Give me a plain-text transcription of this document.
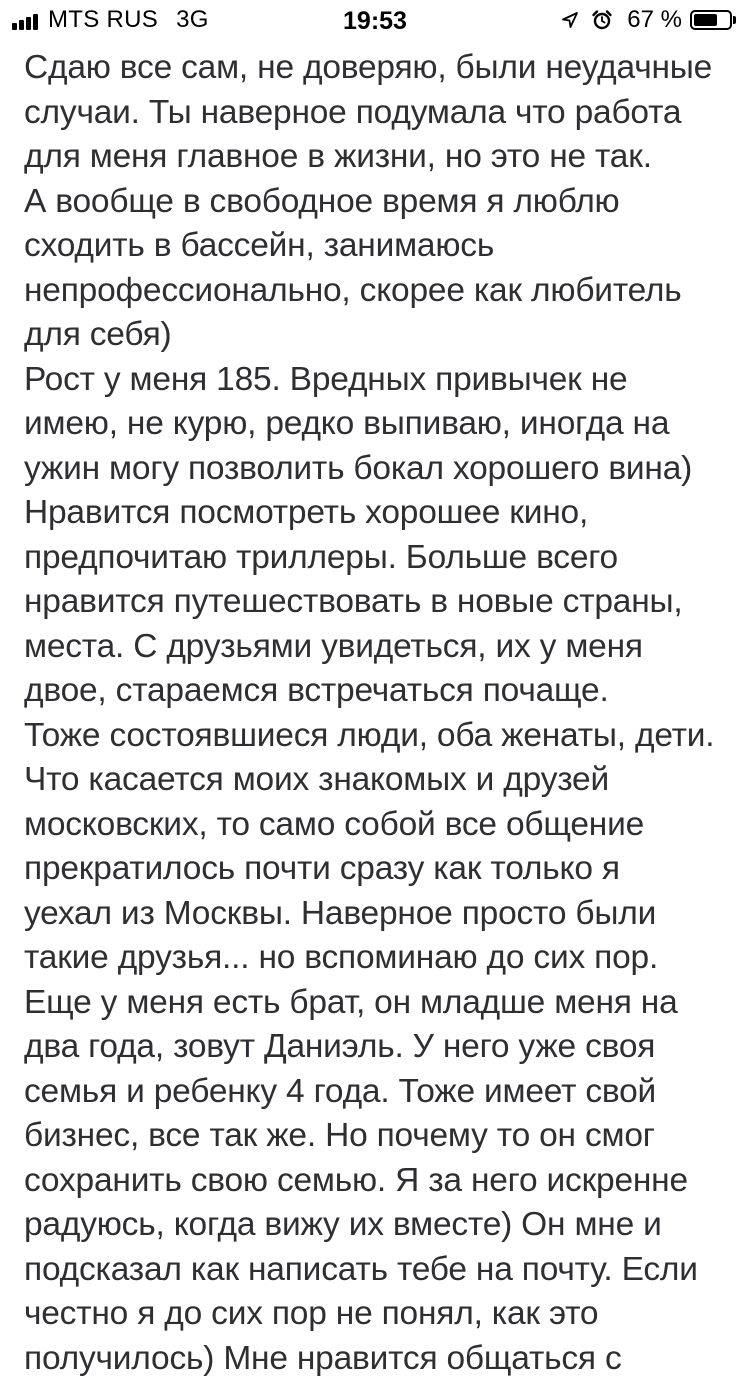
MTS RUS 3G	19:53	67 %
Сдаю все сам, не доверяю, были неудачные
случаи. Ты наверное подумала что работа
для меня главное в жизни, но это не так.
А вообще в свободное время я люблю
сходить в бассейн, занимаюсь
непрофессионально, скорее как любитель
для себя)
Рост у меня 185. Вредных привычек не
имею, не курю, редко выпиваю, иногда на
ужин могу позволить бокал хорошего вина)
Нравится посмотреть хорошее кино,
предпочитаю триллеры. Больше всего
нравится путешествовать в новые страны,
места. С друзьями увидеться, их у меня
двое, стараемся встречаться почаще.
Тоже состоявшиеся люди, оба женаты, дети.
Что касается моих знакомых и друзей
московских, то само собой все общение
прекратилось почти сразу как только я
уехал из Москвы. Наверное просто были
такие друзья... но вспоминаю до сих пор.
Еще у меня есть брат, он младше меня на
два года, зовут Даниэль. У него уже своя
семья и ребенку 4 года. Тоже имеет свой
бизнес, все так же. Но почему то он смог
сохранить свою семью. Я за него искренне
радуюсь, когда вижу их вместе) Он мне и
подсказал как написать тебе на почту. Если
честно я до сих пор не понял, как это
получилось) Мне нравится общаться с
